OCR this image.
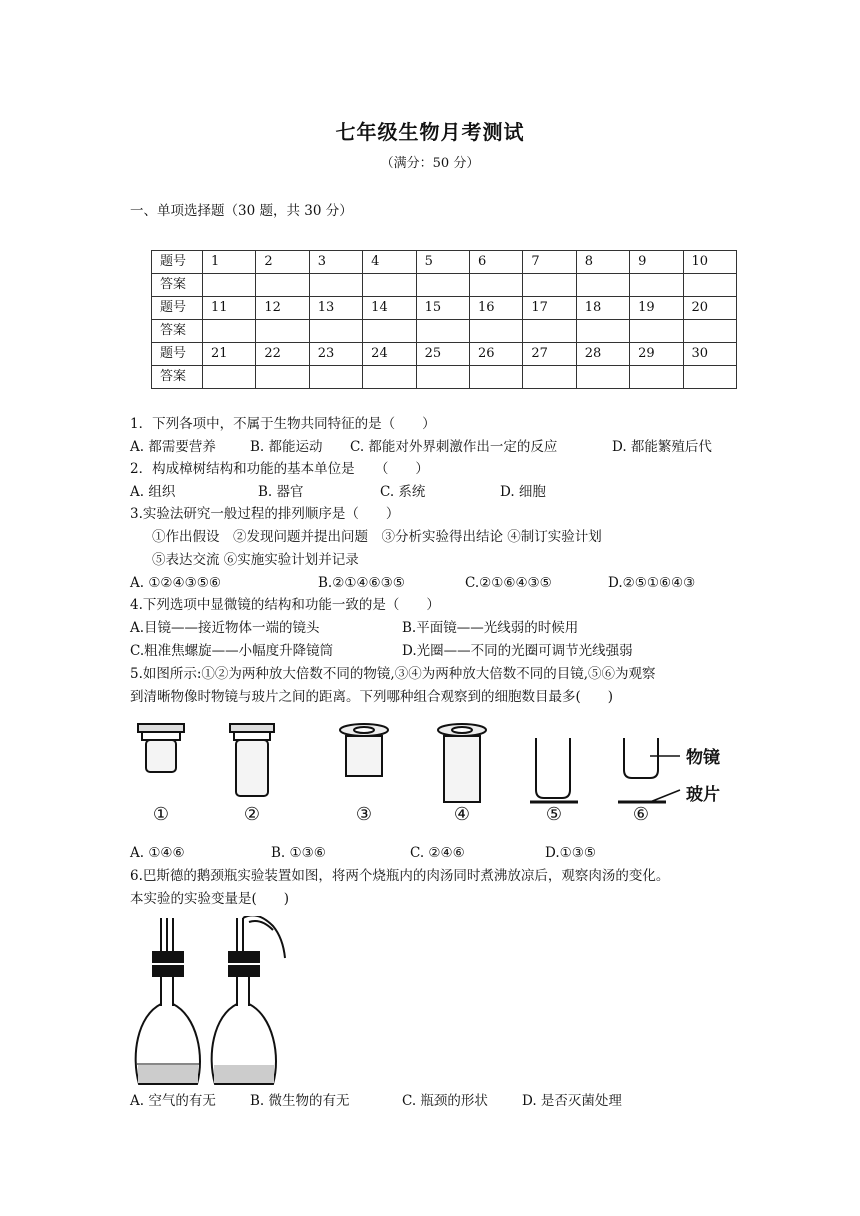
七年级生物月考测试
（满分：50 分）
一、单项选择题（30 题，共 30 分）
题号	1	2	3	4	5	6	7	8	9	10
答案										
题号	11	12	13	14	15	16	17	18	19	20
答案										
题号	21	22	23	24	25	26	27	28	29	30
答案										
1．下列各项中，不属于生物共同特征的是（　　）
A. 都需要营养	B. 都能运动 C. 都能对外界刺激作出一定的反应	D. 都能繁殖后代
2．构成樟树结构和功能的基本单位是　　（　　）
A. 组织	B. 器官	C. 系统	D. 细胞
3.实验法研究一般过程的排列顺序是（　　）
①作出假设　②发现问题并提出问题　③分析实验得出结论 ④制订实验计划
⑤表达交流 ⑥实施实验计划并记录
A. ①②④③⑤⑥	B.②①④⑥③⑤	C.②①⑥④③⑤	D.②⑤①⑥④③
4.下列选项中显微镜的结构和功能一致的是（　　）
A.目镜——接近物体一端的镜头	B.平面镜——光线弱的时候用
C.粗准焦螺旋——小幅度升降镜筒	D.光圈——不同的光圈可调节光线强弱
5.如图所示:①②为两种放大倍数不同的物镜,③④为两种放大倍数不同的目镜,⑤⑥为观察
到清晰物像时物镜与玻片之间的距离。下列哪种组合观察到的细胞数目最多(　　)
①	②	③	④	⑤	⑥
物镜
玻片
A. ①④⑥	B. ①③⑥	C. ②④⑥	D.①③⑤
6.巴斯德的鹅颈瓶实验装置如图，将两个烧瓶内的肉汤同时煮沸放凉后，观察肉汤的变化。
本实验的实验变量是(　　)
A. 空气的有无	B. 微生物的有无	C. 瓶颈的形状	D. 是否灭菌处理
